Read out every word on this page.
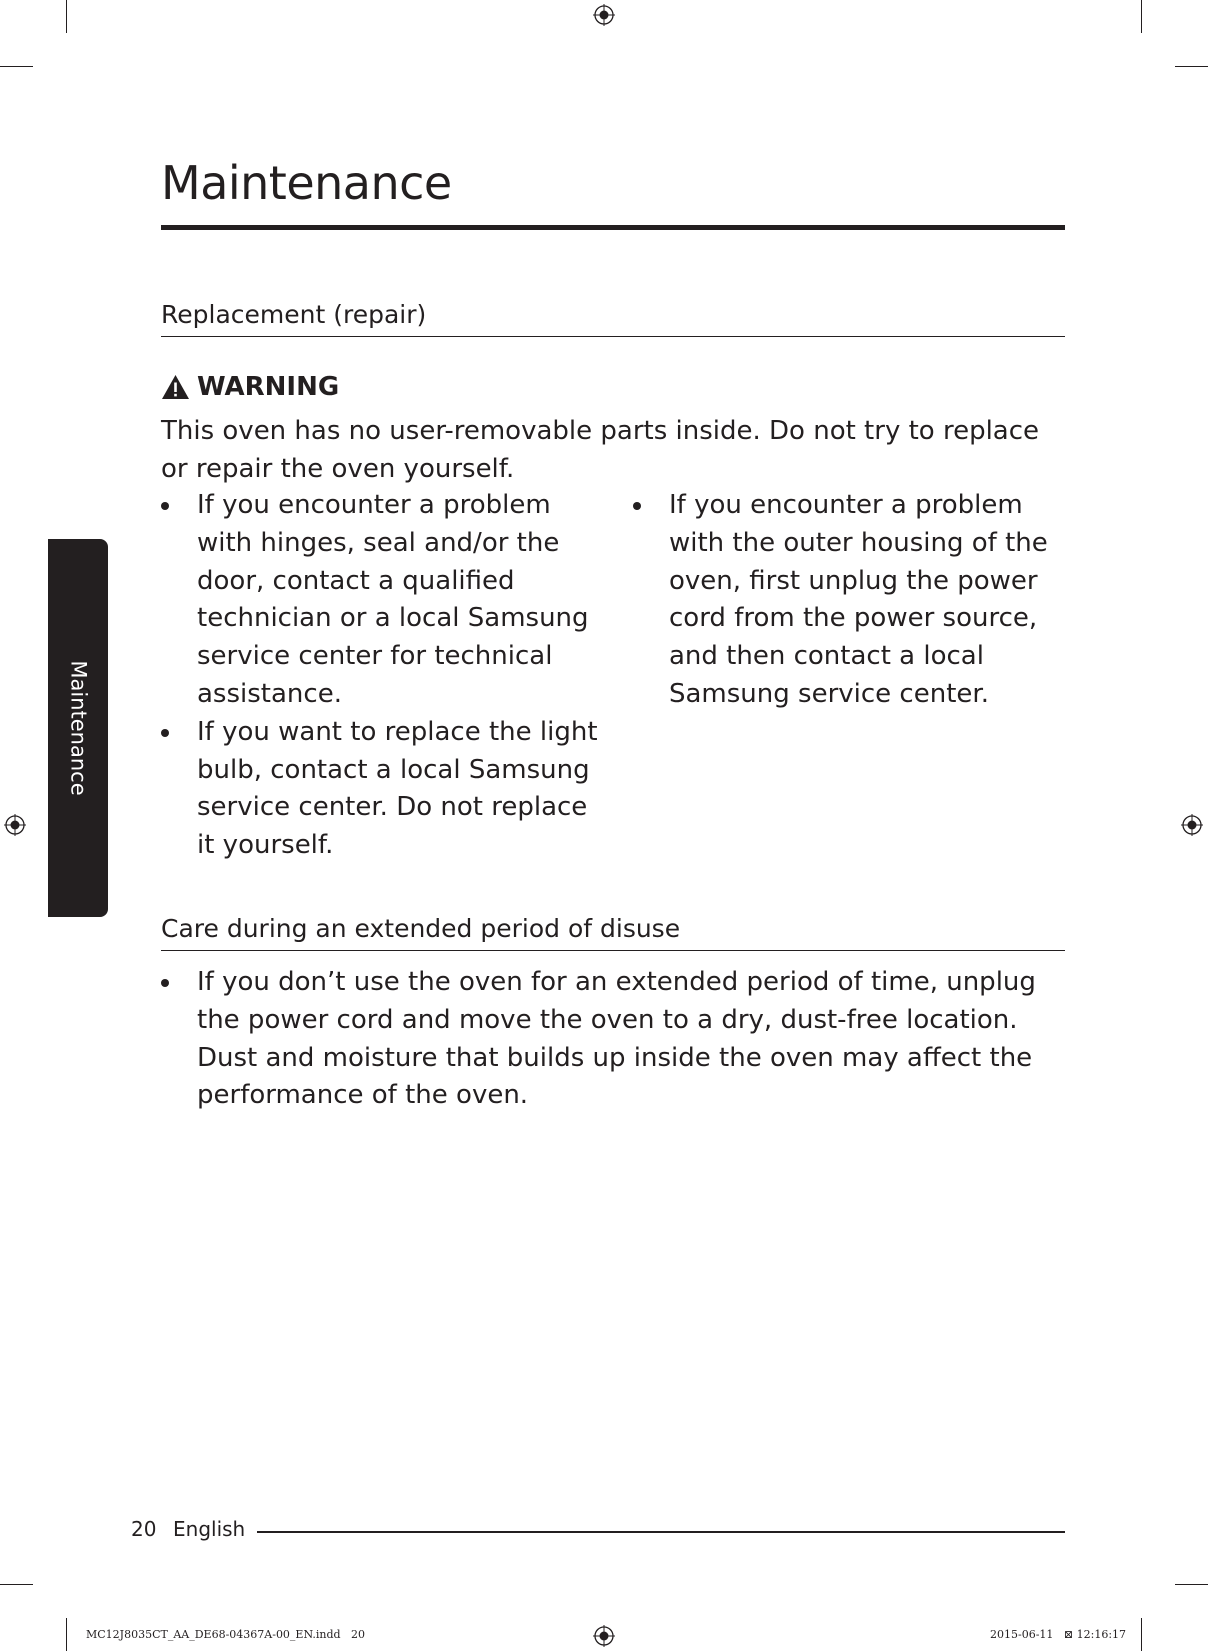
Maintenance
Maintenance
Replacement (repair)
WARNING
This oven has no user-removable parts inside. Do not try to replace or repair the oven yourself.
If you encounter a problem with hinges, seal and/or the door, contact a qualified technician or a local Samsung service center for technical assistance.
If you want to replace the light bulb, contact a local Samsung service center. Do not replace it yourself.
If you encounter a problem with the outer housing of the oven, first unplug the power cord from the power source, and then contact a local Samsung service center.
Care during an extended period of disuse
If you don’t use the oven for an extended period of time, unplug the power cord and move the oven to a dry, dust-free location. Dust and moisture that builds up inside the oven may affect the performance of the oven.
20 English
MC12J8035CT_AA_DE68-04367A-00_EN.indd   20	2015-06-11   ⊠ 12:16:17
